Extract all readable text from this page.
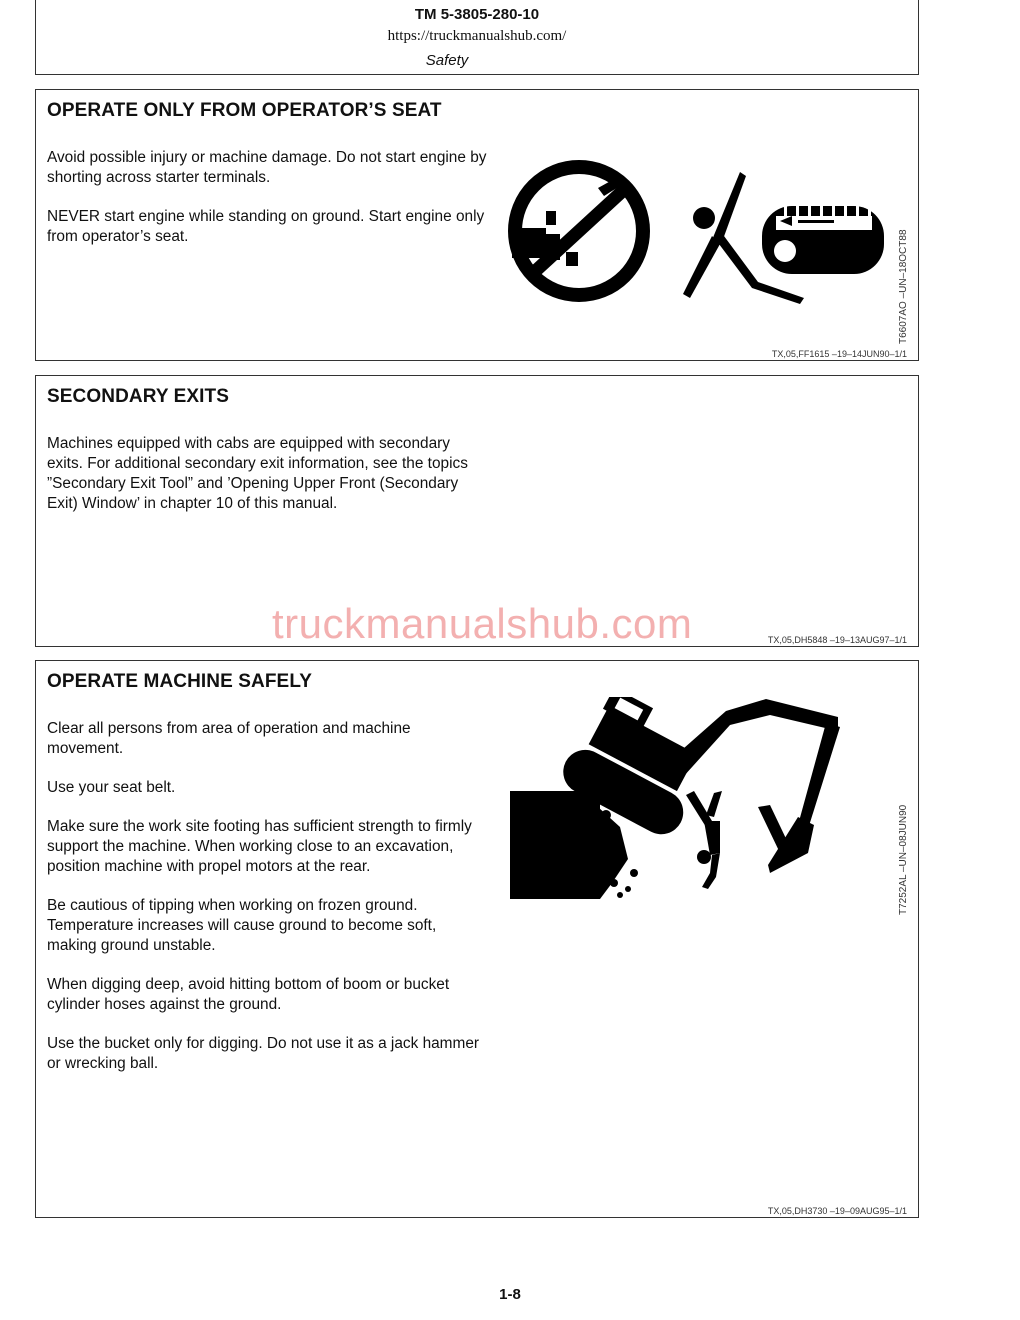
TM 5-3805-280-10
https://truckmanualshub.com/
Safety
OPERATE ONLY FROM OPERATOR’S SEAT

Avoid possible injury or machine damage. Do not start engine by shorting across starter terminals.

NEVER start engine while standing on ground. Start engine only from operator’s seat.	T6607AO –UN–18OCT88
TX,05,FF1615 –19–14JUN90–1/1
SECONDARY EXITS

Machines equipped with cabs are equipped with secondary exits. For additional secondary exit information, see the topics ”Secondary Exit Tool” and ’Opening Upper Front (Secondary Exit) Window’ in chapter 10 of this manual.

TX,05,DH5848 –19–13AUG97–1/1
truckmanualshub.com
OPERATE MACHINE SAFELY

Clear all persons from area of operation and machine movement.

Use your seat belt.

Make sure the work site footing has sufficient strength to firmly support the machine. When working close to an excavation, position machine with propel motors at the rear.

Be cautious of tipping when working on frozen ground. Temperature increases will cause ground to become soft, making ground unstable.

When digging deep, avoid hitting bottom of boom or bucket cylinder hoses against the ground.

Use the bucket only for digging. Do not use it as a jack hammer or wrecking ball.

T7252AL –UN–08JUN90
TX,05,DH3730 –19–09AUG95–1/1
1-8
